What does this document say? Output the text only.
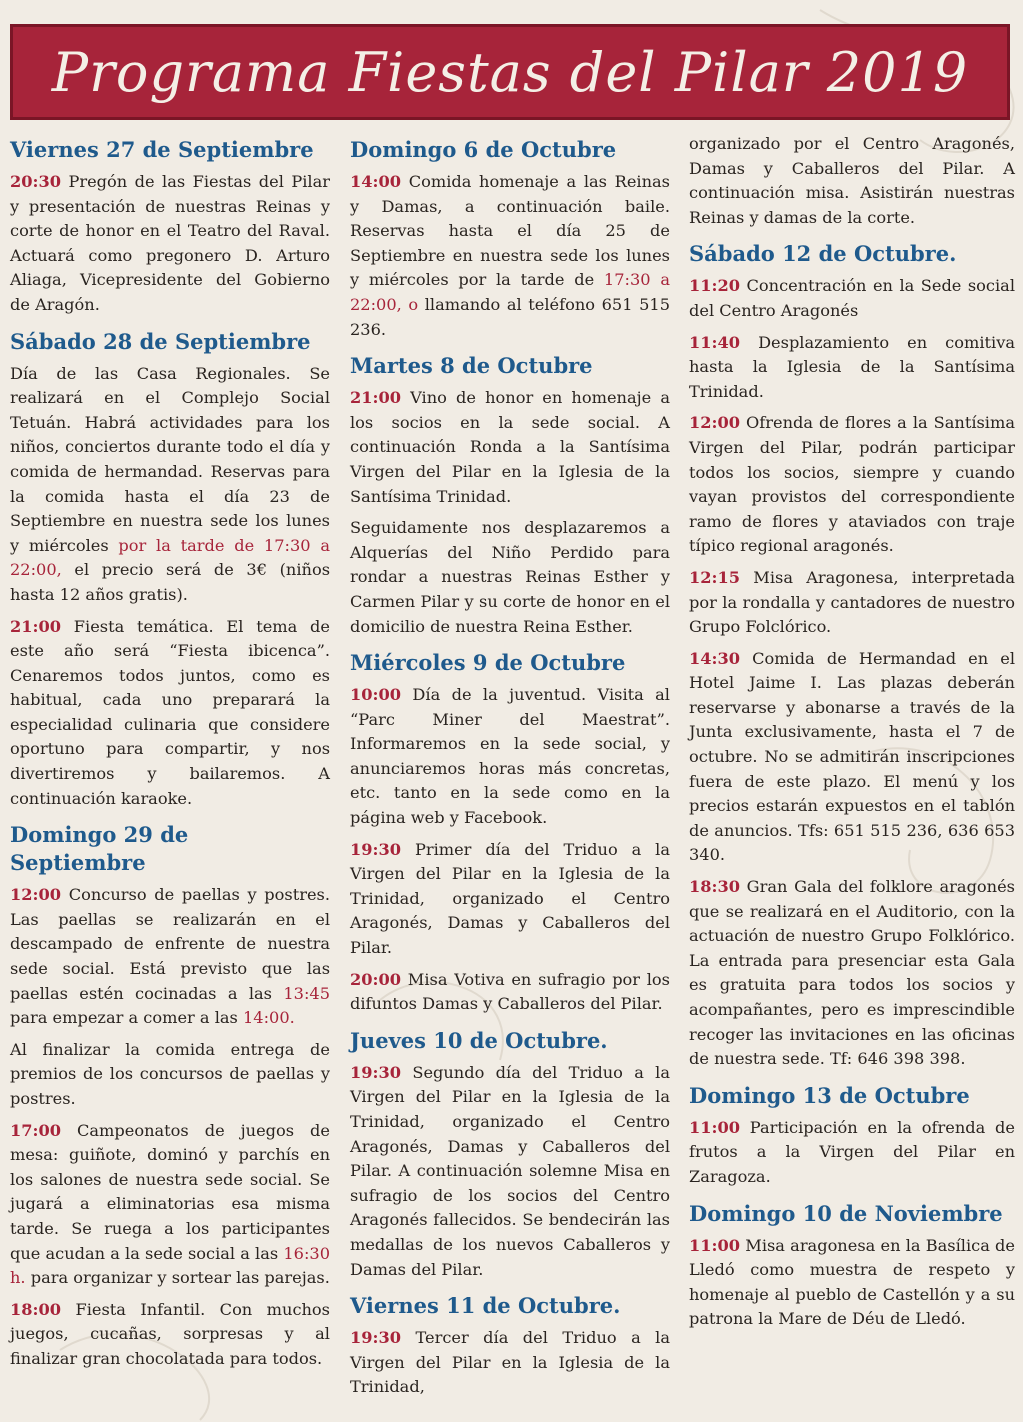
Programa Fiestas del Pilar 2019
Viernes 27 de Septiembre
20:30 Pregón de las Fiestas del Pilar y presentación de nuestras Reinas y corte de honor en el Teatro del Raval. Actuará como pregonero D. Arturo Aliaga, Vicepresidente del Gobierno de Aragón.
Sábado 28 de Septiembre
Día de las Casa Regionales. Se realizará en el Complejo Social Tetuán. Habrá actividades para los niños, conciertos durante todo el día y comida de hermandad. Reservas para la comida hasta el día 23 de Septiembre en nuestra sede los lunes y miércoles por la tarde de 17:30 a 22:00, el precio será de 3€ (niños hasta 12 años gratis).
21:00 Fiesta temática. El tema de este año será “Fiesta ibicenca”. Cenaremos todos juntos, como es habitual, cada uno preparará la especialidad culinaria que considere oportuno para compartir, y nos divertiremos y bailaremos. A continuación karaoke.
Domingo 29 de Septiembre
12:00 Concurso de paellas y postres. Las paellas se realizarán en el descampado de enfrente de nuestra sede social. Está previsto que las paellas estén cocinadas a las 13:45 para empezar a comer a las 14:00.
Al finalizar la comida entrega de premios de los concursos de paellas y postres.
17:00 Campeonatos de juegos de mesa: guiñote, dominó y parchís en los salones de nuestra sede social. Se jugará a eliminatorias esa misma tarde. Se ruega a los participantes que acudan a la sede social a las 16:30 h. para organizar y sortear las parejas.
18:00 Fiesta Infantil. Con muchos juegos, cucañas, sorpresas y al finalizar gran chocolatada para todos.
Domingo 6 de Octubre
14:00 Comida homenaje a las Reinas y Damas, a continuación baile. Reservas hasta el día 25 de Septiembre en nuestra sede los lunes y miércoles por la tarde de 17:30 a 22:00, o llamando al teléfono 651 515 236.
Martes 8 de Octubre
21:00 Vino de honor en homenaje a los socios en la sede social. A continuación Ronda a la Santísima Virgen del Pilar en la Iglesia de la Santísima Trinidad.
Seguidamente nos desplazaremos a Alquerías del Niño Perdido para rondar a nuestras Reinas Esther y Carmen Pilar y su corte de honor en el domicilio de nuestra Reina Esther.
Miércoles 9 de Octubre
10:00 Día de la juventud. Visita al “Parc Miner del Maestrat”. Informaremos en la sede social, y anunciaremos horas más concretas, etc. tanto en la sede como en la página web y Facebook.
19:30 Primer día del Triduo a la Virgen del Pilar en la Iglesia de la Trinidad, organizado el Centro Aragonés, Damas y Caballeros del Pilar.
20:00 Misa Votiva en sufragio por los difuntos Damas y Caballeros del Pilar.
Jueves 10 de Octubre.
19:30 Segundo día del Triduo a la Virgen del Pilar en la Iglesia de la Trinidad, organizado el Centro Aragonés, Damas y Caballeros del Pilar. A continuación solemne Misa en sufragio de los socios del Centro Aragonés fallecidos. Se bendecirán las medallas de los nuevos Caballeros y Damas del Pilar.
Viernes 11 de Octubre.
19:30 Tercer día del Triduo a la Virgen del Pilar en la Iglesia de la Trinidad,
organizado por el Centro Aragonés, Damas y Caballeros del Pilar. A continuación misa. Asistirán nuestras Reinas y damas de la corte.
Sábado 12 de Octubre.
11:20 Concentración en la Sede social del Centro Aragonés
11:40 Desplazamiento en comitiva hasta la Iglesia de la Santísima Trinidad.
12:00 Ofrenda de flores a la Santísima Virgen del Pilar, podrán participar todos los socios, siempre y cuando vayan provistos del correspondiente ramo de flores y ataviados con traje típico regional aragonés.
12:15 Misa Aragonesa, interpretada por la rondalla y cantadores de nuestro Grupo Folclórico.
14:30 Comida de Hermandad en el Hotel Jaime I. Las plazas deberán reservarse y abonarse a través de la Junta exclusivamente, hasta el 7 de octubre. No se admitirán inscripciones fuera de este plazo. El menú y los precios estarán expuestos en el tablón de anuncios. Tfs: 651 515 236, 636 653 340.
18:30 Gran Gala del folklore aragonés que se realizará en el Auditorio, con la actuación de nuestro Grupo Folklórico. La entrada para presenciar esta Gala es gratuita para todos los socios y acompañantes, pero es imprescindible recoger las invitaciones en las oficinas de nuestra sede. Tf: 646 398 398.
Domingo 13 de Octubre
11:00 Participación en la ofrenda de frutos a la Virgen del Pilar en Zaragoza.
Domingo 10 de Noviembre
11:00 Misa aragonesa en la Basílica de Lledó como muestra de respeto y homenaje al pueblo de Castellón y a su patrona la Mare de Déu de Lledó.
